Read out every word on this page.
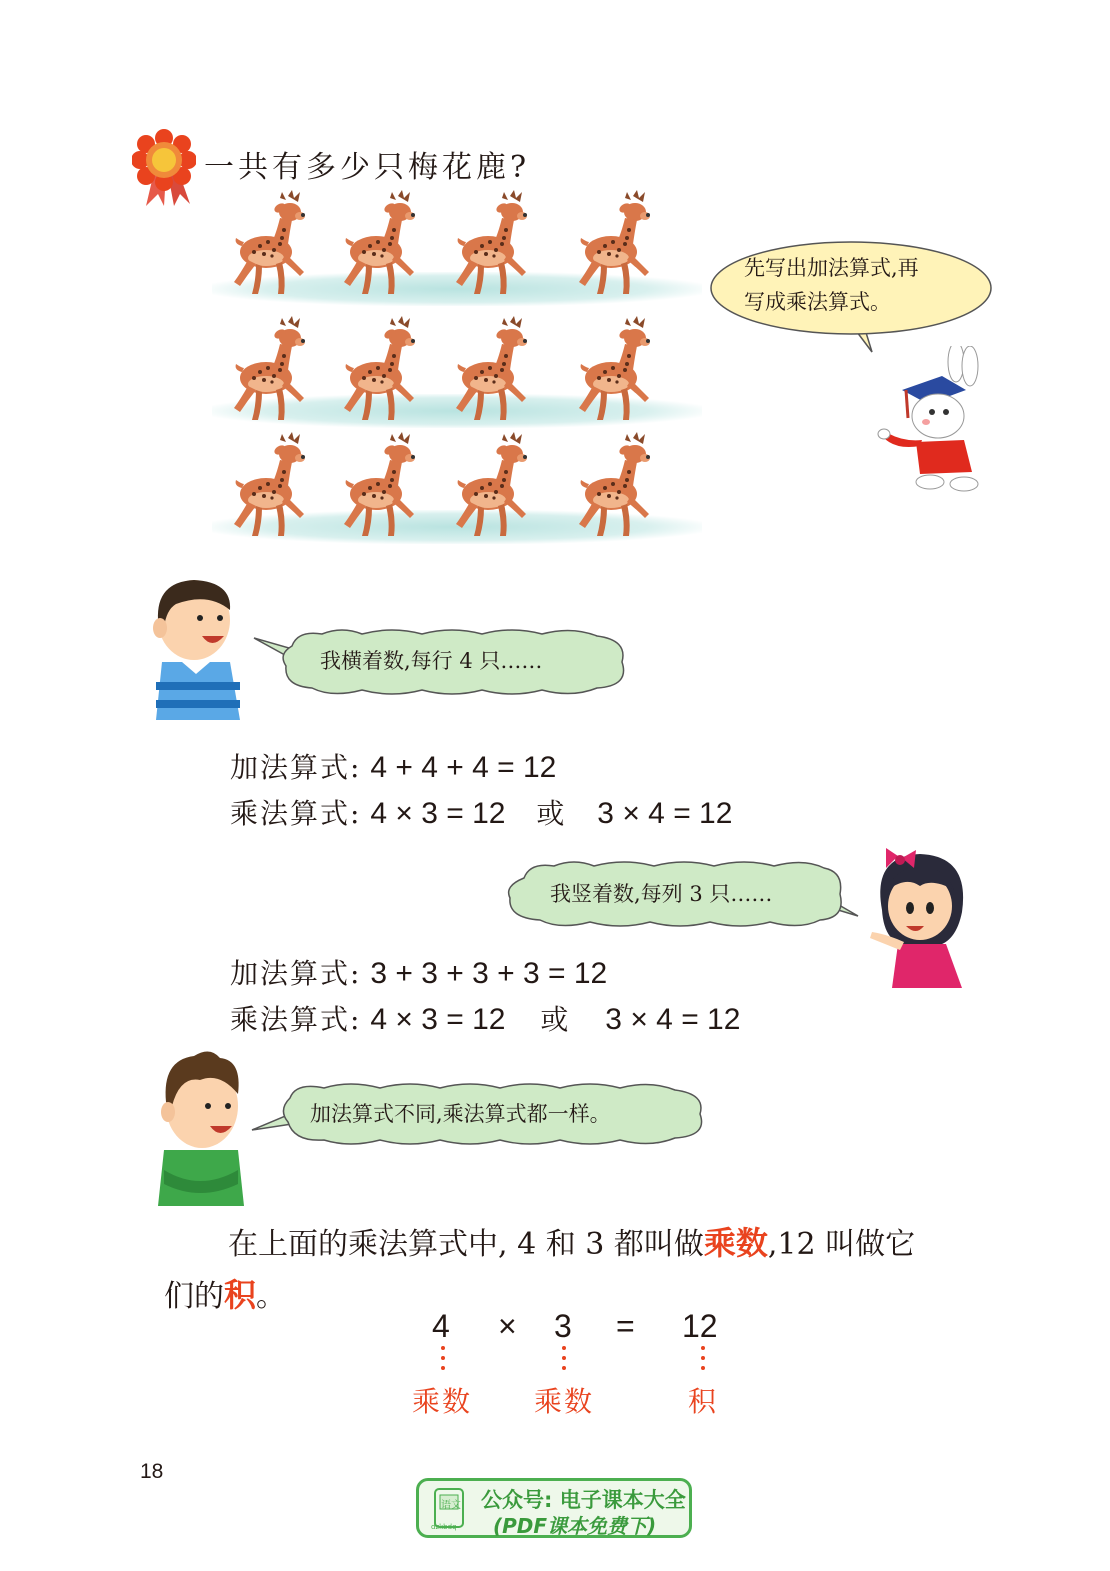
一共有多少只梅花鹿?
先写出加法算式,再
写成乘法算式。
我横着数,每行 4 只……
加法算式: 4 + 4 + 4 = 12
乘法算式: 4 × 3 = 12 或 3 × 4 = 12
我竖着数,每列 3 只……
加法算式: 3 + 3 + 3 + 3 = 12
乘法算式: 4 × 3 = 12 或 3 × 4 = 12
加法算式不同,乘法算式都一样。
在上面的乘法算式中, 4 和 3 都叫做乘数,12 叫做它
们的积。
4 × 3 = 12
乘数 乘数	积
18
语文
dzkbdq
公众号: 电子课本大全
(PDF课本免费下)
